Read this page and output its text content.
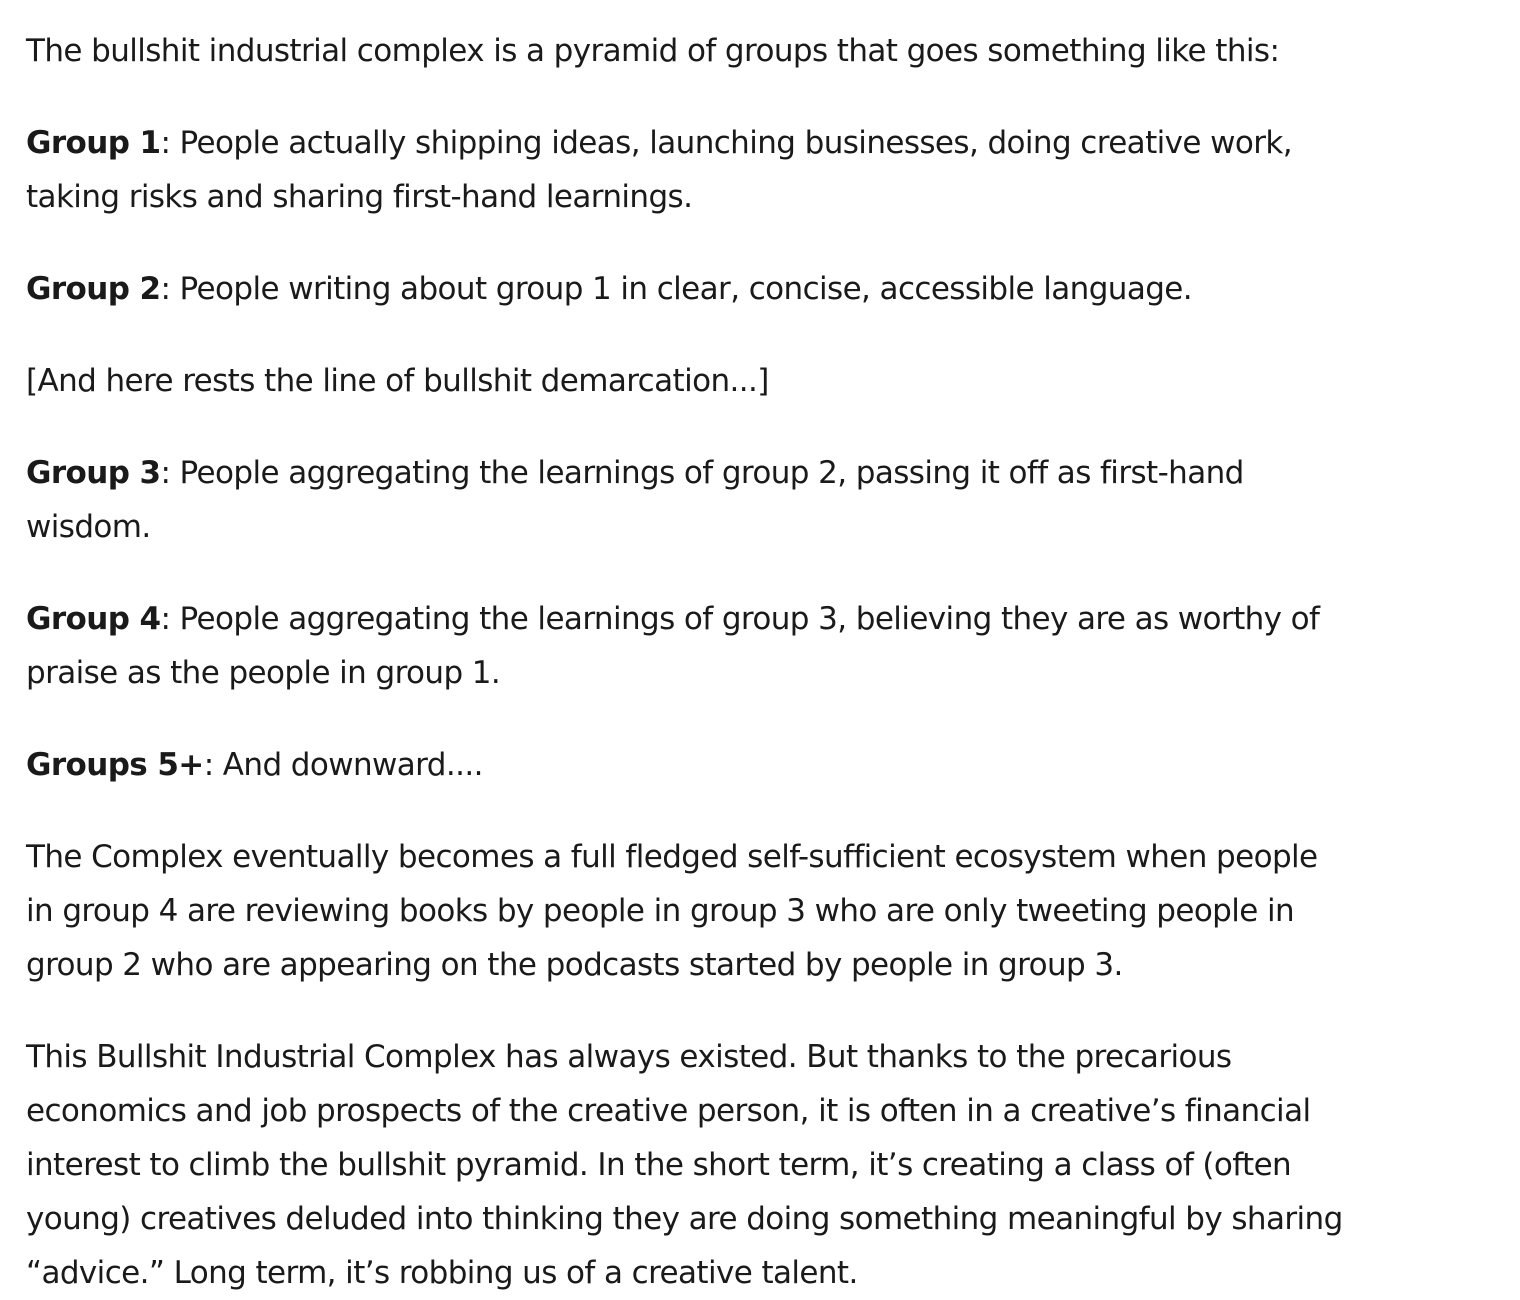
The bullshit industrial complex is a pyramid of groups that goes something like this:

Group 1: People actually shipping ideas, launching businesses, doing creative work,
taking risks and sharing first-hand learnings.

Group 2: People writing about group 1 in clear, concise, accessible language.

[And here rests the line of bullshit demarcation...]

Group 3: People aggregating the learnings of group 2, passing it off as first-hand
wisdom.

Group 4: People aggregating the learnings of group 3, believing they are as worthy of
praise as the people in group 1.

Groups 5+: And downward....

The Complex eventually becomes a full fledged self-sufficient ecosystem when people
in group 4 are reviewing books by people in group 3 who are only tweeting people in
group 2 who are appearing on the podcasts started by people in group 3.

This Bullshit Industrial Complex has always existed. But thanks to the precarious
economics and job prospects of the creative person, it is often in a creative’s financial
interest to climb the bullshit pyramid. In the short term, it’s creating a class of (often
young) creatives deluded into thinking they are doing something meaningful by sharing
“advice.” Long term, it’s robbing us of a creative talent.
